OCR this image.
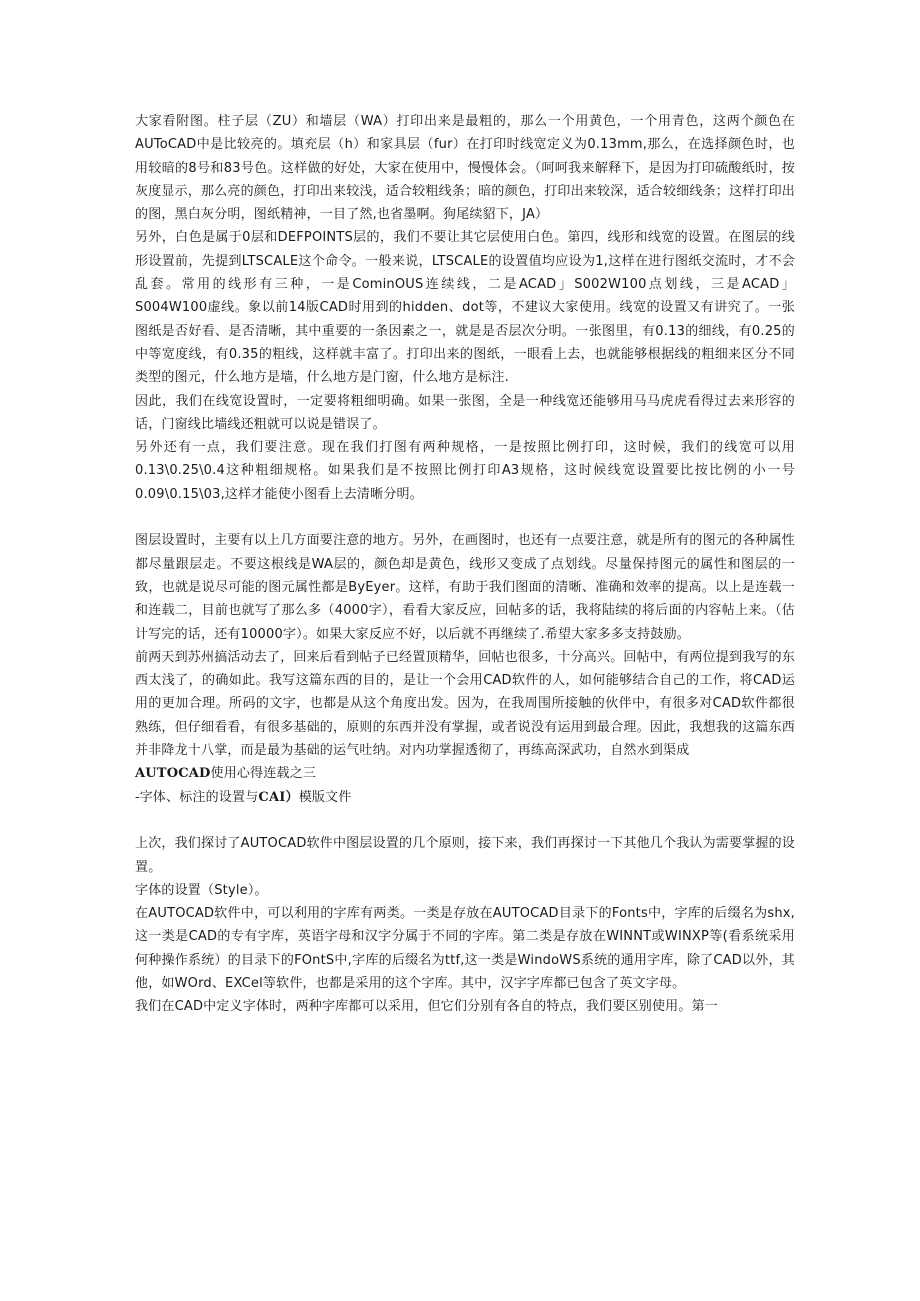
大家看附图。柱子层（ZU）和墙层（WA）打印出来是最粗的，那么一个用黄色，一个用青色，这两个颜色在AUToCAD中是比较亮的。填充层（h）和家具层（fur）在打印时线宽定义为0.13mm,那么，在选择颜色时，也用较暗的8号和83号色。这样做的好处，大家在使用中，慢慢体会。（呵呵我来解释下，是因为打印硫酸纸时，按灰度显示，那么亮的颜色，打印出来较浅，适合较粗线条；暗的颜色，打印出来较深，适合较细线条；这样打印出的图，黑白灰分明，图纸精神，一目了然,也省墨啊。狗尾续貂下，JA）

另外，白色是属于0层和DEFPOINTS层的，我们不要让其它层使用白色。第四，线形和线宽的设置。在图层的线形设置前，先提到LTSCALE这个命令。一般来说，LTSCALE的设置值均应设为1,这样在进行图纸交流时，才不会乱套。常用的线形有三种，一是CominOUS连续线，二是ACAD」S002W100点划线，三是ACAD」S004W100虚线。象以前14版CAD时用到的hidden、dot等，不建议大家使用。线宽的设置又有讲究了。一张图纸是否好看、是否清晰，其中重要的一条因素之一，就是是否层次分明。一张图里，有0.13的细线，有0.25的中等宽度线，有0.35的粗线，这样就丰富了。打印出来的图纸，一眼看上去，也就能够根据线的粗细来区分不同类型的图元，什么地方是墙，什么地方是门窗，什么地方是标注.

因此，我们在线宽设置时，一定要将粗细明确。如果一张图，全是一种线宽还能够用马马虎虎看得过去来形容的话，门窗线比墙线还粗就可以说是错误了。

另外还有一点，我们要注意。现在我们打图有两种规格，一是按照比例打印，这时候，我们的线宽可以用0.13\0.25\0.4这种粗细规格。如果我们是不按照比例打印A3规格，这时候线宽设置要比按比例的小一号0.09\0.15\03,这样才能使小图看上去清晰分明。

图层设置时，主要有以上几方面要注意的地方。另外，在画图时，也还有一点要注意，就是所有的图元的各种属性都尽量跟层走。不要这根线是WA层的，颜色却是黄色，线形又变成了点划线。尽量保持图元的属性和图层的一致，也就是说尽可能的图元属性都是ByEyer。这样，有助于我们图面的清晰、准确和效率的提高。以上是连载一和连载二，目前也就写了那么多（4000字），看看大家反应，回帖多的话，我将陆续的将后面的内容帖上来。（估计写完的话，还有10000字）。如果大家反应不好，以后就不再继续了.希望大家多多支持鼓励。

前两天到苏州搞活动去了，回来后看到帖子已经置顶精华，回帖也很多，十分高兴。回帖中，有两位提到我写的东西太浅了，的确如此。我写这篇东西的目的，是让一个会用CAD软件的人，如何能够结合自己的工作，将CAD运用的更加合理。所码的文字，也都是从这个角度出发。因为，在我周围所接触的伙伴中，有很多对CAD软件都很熟练，但仔细看看，有很多基础的，原则的东西并没有掌握，或者说没有运用到最合理。因此，我想我的这篇东西并非降龙十八掌，而是最为基础的运气吐纳。对内功掌握透彻了，再练高深武功，自然水到渠成

AUTOCAD使用心得连载之三

-字体、标注的设置与CAI）模版文件

上次，我们探讨了AUTOCAD软件中图层设置的几个原则，接下来，我们再探讨一下其他几个我认为需要掌握的设置。

字体的设置（Style）。

在AUTOCAD软件中，可以利用的字库有两类。一类是存放在AUTOCAD目录下的Fonts中，字库的后缀名为shx,这一类是CAD的专有字库，英语字母和汉字分属于不同的字库。第二类是存放在WINNT或WINXP等(看系统采用何种操作系统）的目录下的FOntS中,字库的后缀名为ttf,这一类是WindoWS系统的通用字库，除了CAD以外，其他，如WOrd、EXCel等软件，也都是采用的这个字库。其中，汉字字库都已包含了英文字母。

我们在CAD中定义字体时，两种字库都可以采用，但它们分别有各自的特点，我们要区别使用。第一
